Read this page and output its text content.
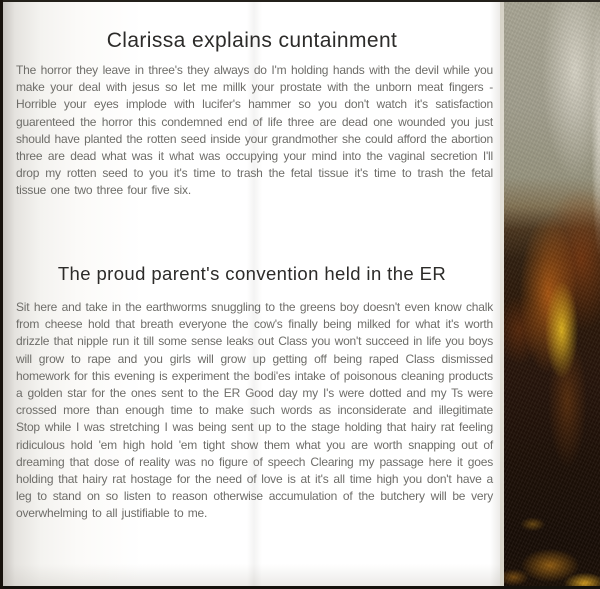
Clarissa explains cuntainment

The horror they leave in three's they always do I'm holding hands with the devil while you make your deal with jesus so let me millk your prostate with the unborn meat fingers - Horrible your eyes implode with lucifer's hammer so you don't watch it's satisfaction guarenteed the horror this condemned end of life three are dead one wounded you just should have planted the rotten seed inside your grandmother she could afford the abortion three are dead what was it what was occupying your mind into the vaginal secretion I'll drop my rotten seed to you it's time to trash the fetal tissue it's time to trash the fetal tissue one two three four five six.

The proud parent's convention held in the ER

Sit here and take in the earthworms snuggling to the greens boy doesn't even know chalk from cheese hold that breath everyone the cow's finally being milked for what it's worth drizzle that nipple run it till some sense leaks out Class you won't succeed in life you boys will grow to rape and you girls will grow up getting off being raped Class dismissed homework for this evening is experiment the bodi'es intake of poisonous cleaning products a golden star for the ones sent to the ER Good day my I's were dotted and my Ts were crossed more than enough time to make such words as inconsiderate and illegitimate Stop while I was stretching I was being sent up to the stage holding that hairy rat feeling ridiculous hold 'em high hold 'em tight show them what you are worth snapping out of dreaming that dose of reality was no figure of speech Clearing my passage here it goes holding that hairy rat hostage for the need of love is at it's all time high you don't have a leg to stand on so listen to reason otherwise accumulation of the butchery will be very overwhelming to all justifiable to me.
